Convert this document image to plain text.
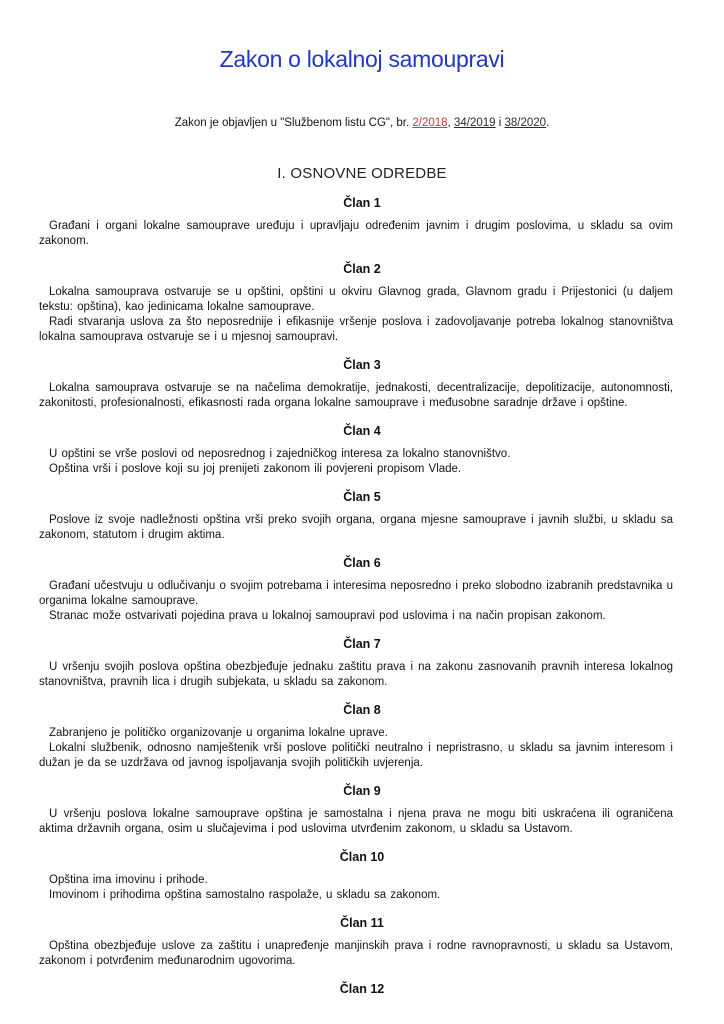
Zakon o lokalnoj samoupravi

Zakon je objavljen u "Službenom listu CG", br. 2/2018, 34/2019 i 38/2020.

I. OSNOVNE ODREDBE
Član 1

Građani i organi lokalne samouprave uređuju i upravljaju određenim javnim i drugim poslovima, u skladu sa ovim zakonom.

Član 2

Lokalna samouprava ostvaruje se u opštini, opštini u okviru Glavnog grada, Glavnom gradu i Prijestonici (u daljem tekstu: opština), kao jedinicama lokalne samouprave.

Radi stvaranja uslova za što neposrednije i efikasnije vršenje poslova i zadovoljavanje potreba lokalnog stanovništva lokalna samouprava ostvaruje se i u mjesnoj samoupravi.

Član 3

Lokalna samouprava ostvaruje se na načelima demokratije, jednakosti, decentralizacije, depolitizacije, autonomnosti, zakonitosti, profesionalnosti, efikasnosti rada organa lokalne samouprave i međusobne saradnje države i opštine.

Član 4

U opštini se vrše poslovi od neposrednog i zajedničkog interesa za lokalno stanovništvo.

Opština vrši i poslove koji su joj prenijeti zakonom ili povjereni propisom Vlade.

Član 5

Poslove iz svoje nadležnosti opština vrši preko svojih organa, organa mjesne samouprave i javnih službi, u skladu sa zakonom, statutom i drugim aktima.

Član 6

Građani učestvuju u odlučivanju o svojim potrebama i interesima neposredno i preko slobodno izabranih predstavnika u organima lokalne samouprave.

Stranac može ostvarivati pojedina prava u lokalnoj samoupravi pod uslovima i na način propisan zakonom.

Član 7

U vršenju svojih poslova opština obezbjeđuje jednaku zaštitu prava i na zakonu zasnovanih pravnih interesa lokalnog stanovništva, pravnih lica i drugih subjekata, u skladu sa zakonom.

Član 8

Zabranjeno je političko organizovanje u organima lokalne uprave.

Lokalni službenik, odnosno namještenik vrši poslove politički neutralno i nepristrasno, u skladu sa javnim interesom i dužan je da se uzdržava od javnog ispoljavanja svojih političkih uvjerenja.

Član 9

U vršenju poslova lokalne samouprave opština je samostalna i njena prava ne mogu biti uskraćena ili ograničena aktima državnih organa, osim u slučajevima i pod uslovima utvrđenim zakonom, u skladu sa Ustavom.

Član 10

Opština ima imovinu i prihode.

Imovinom i prihodima opština samostalno raspolaže, u skladu sa zakonom.

Član 11

Opština obezbjeđuje uslove za zaštitu i unapređenje manjinskih prava i rodne ravnopravnosti, u skladu sa Ustavom, zakonom i potvrđenim međunarodnim ugovorima.

Član 12
